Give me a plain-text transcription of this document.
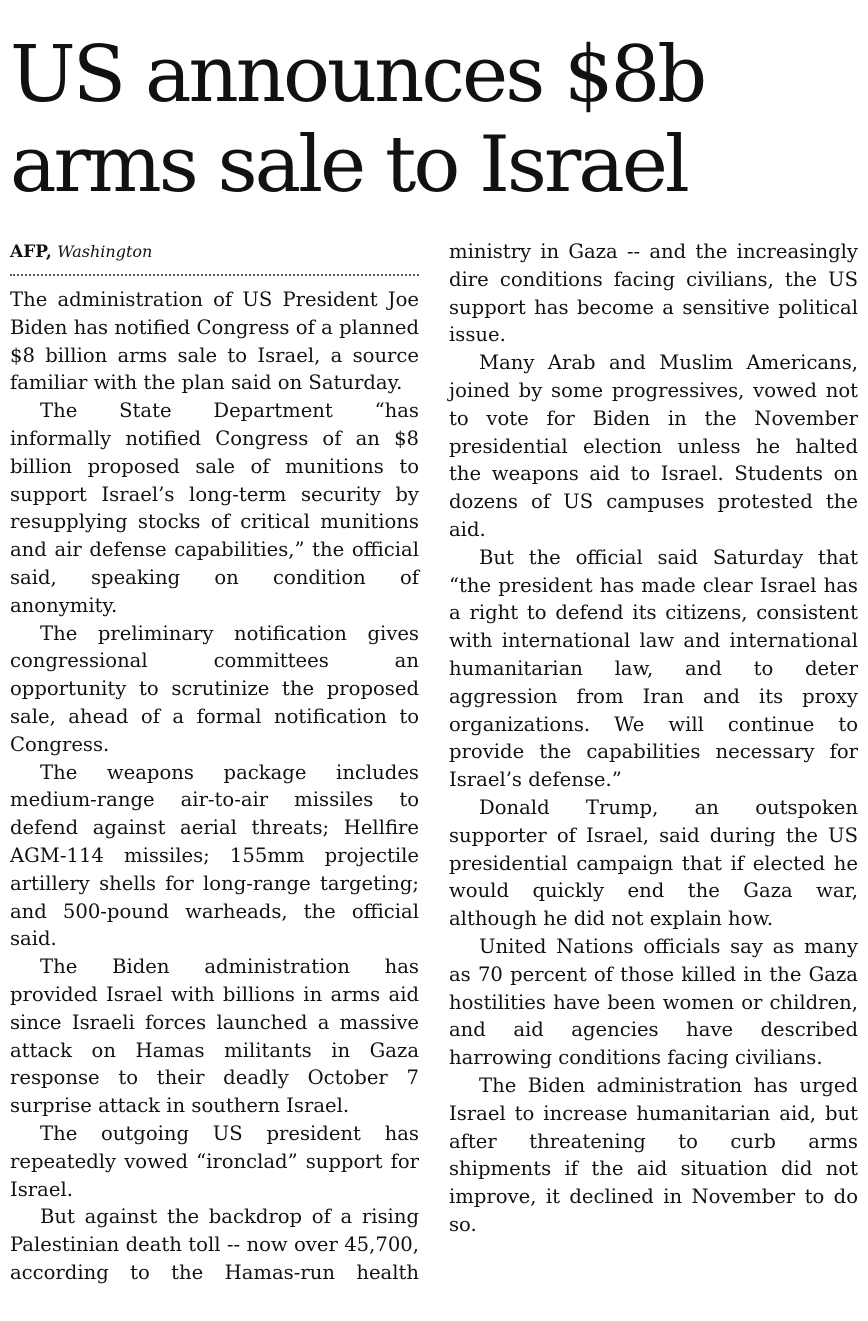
US announces $8b arms sale to Israel

AFP, Washington

The administration of US President Joe Biden has notified Congress of a planned $8 billion arms sale to Israel, a source familiar with the plan said on Saturday.

The State Department “has informally notified Congress of an $8 billion proposed sale of munitions to support Israel’s long-term security by resupplying stocks of critical munitions and air defense capabilities,” the official said, speaking on condition of anonymity.

The preliminary notification gives congressional committees an opportunity to scrutinize the proposed sale, ahead of a formal notification to Congress.

The weapons package includes medium-range air-to-air missiles to defend against aerial threats; Hellfire AGM-114 missiles; 155mm projectile artillery shells for long-range targeting; and 500-pound warheads, the official said.

The Biden administration has provided Israel with billions in arms aid since Israeli forces launched a massive attack on Hamas militants in Gaza response to their deadly October 7 surprise attack in southern Israel.

The outgoing US president has repeatedly vowed “ironclad” support for Israel.

But against the backdrop of a rising Palestinian death toll -- now over 45,700, according to the Hamas-run health ministry in Gaza -- and the increasingly dire conditions facing civilians, the US support has become a sensitive political issue.

Many Arab and Muslim Americans, joined by some progressives, vowed not to vote for Biden in the November presidential election unless he halted the weapons aid to Israel. Students on dozens of US campuses protested the aid.

But the official said Saturday that “the president has made clear Israel has a right to defend its citizens, consistent with international law and international humanitarian law, and to deter aggression from Iran and its proxy organizations. We will continue to provide the capabilities necessary for Israel’s defense.”

Donald Trump, an outspoken supporter of Israel, said during the US presidential campaign that if elected he would quickly end the Gaza war, although he did not explain how.

United Nations officials say as many as 70 percent of those killed in the Gaza hostilities have been women or children, and aid agencies have described harrowing conditions facing civilians.

The Biden administration has urged Israel to increase humanitarian aid, but after threatening to curb arms shipments if the aid situation did not improve, it declined in November to do so.
